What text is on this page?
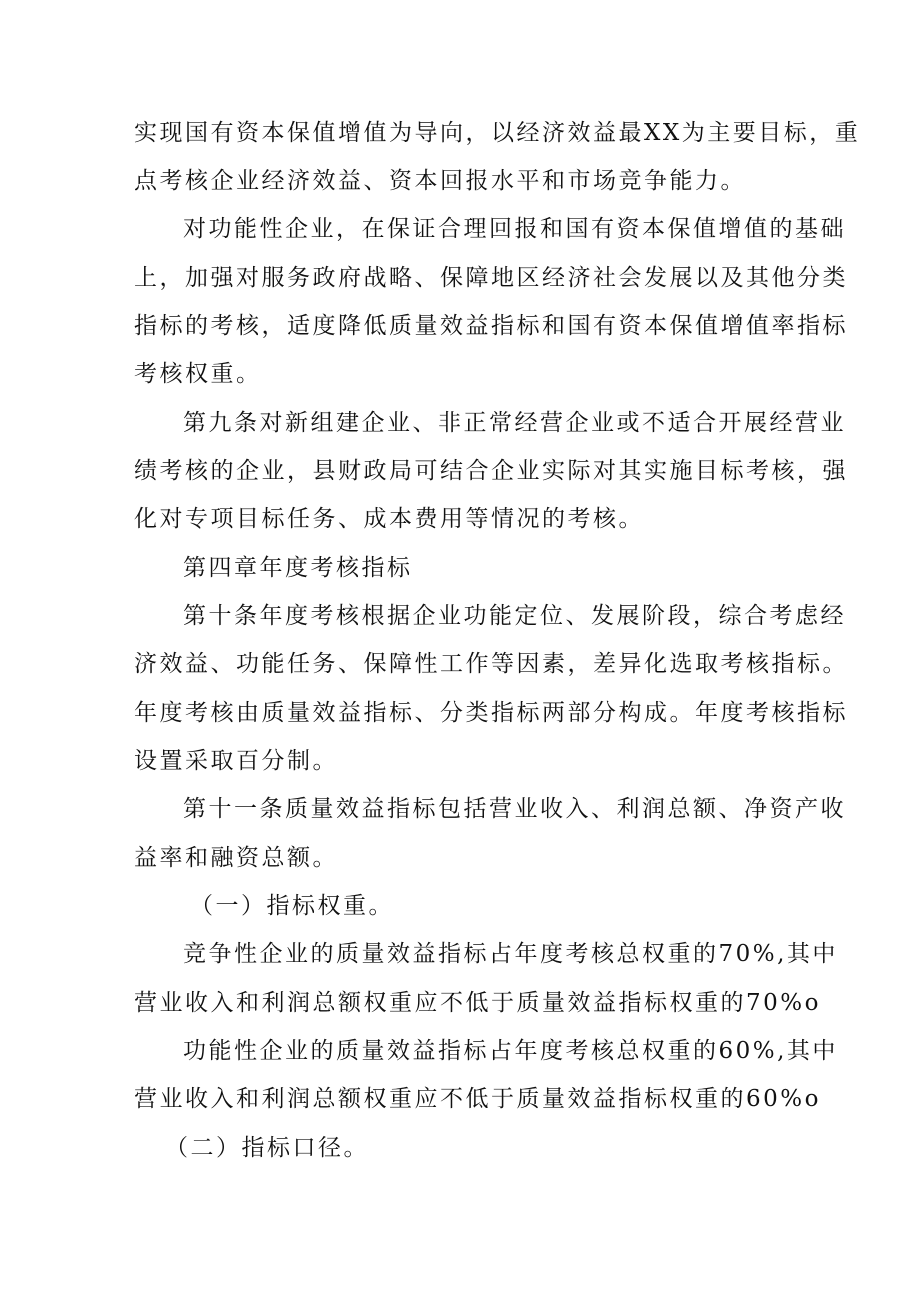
实现国有资本保值增值为导向，以经济效益最XX为主要目标，重
点考核企业经济效益、资本回报水平和市场竞争能力。
对功能性企业，在保证合理回报和国有资本保值增值的基础
上，加强对服务政府战略、保障地区经济社会发展以及其他分类
指标的考核，适度降低质量效益指标和国有资本保值增值率指标
考核权重。
第九条对新组建企业、非正常经营企业或不适合开展经营业
绩考核的企业，县财政局可结合企业实际对其实施目标考核，强
化对专项目标任务、成本费用等情况的考核。
第四章年度考核指标
第十条年度考核根据企业功能定位、发展阶段，综合考虑经
济效益、功能任务、保障性工作等因素，差异化选取考核指标。
年度考核由质量效益指标、分类指标两部分构成。年度考核指标
设置采取百分制。
第十一条质量效益指标包括营业收入、利润总额、净资产收
益率和融资总额。
（一）指标权重。
竞争性企业的质量效益指标占年度考核总权重的70%,其中
营业收入和利润总额权重应不低于质量效益指标权重的70%o
功能性企业的质量效益指标占年度考核总权重的60%,其中
营业收入和利润总额权重应不低于质量效益指标权重的60%o
（二）指标口径。
